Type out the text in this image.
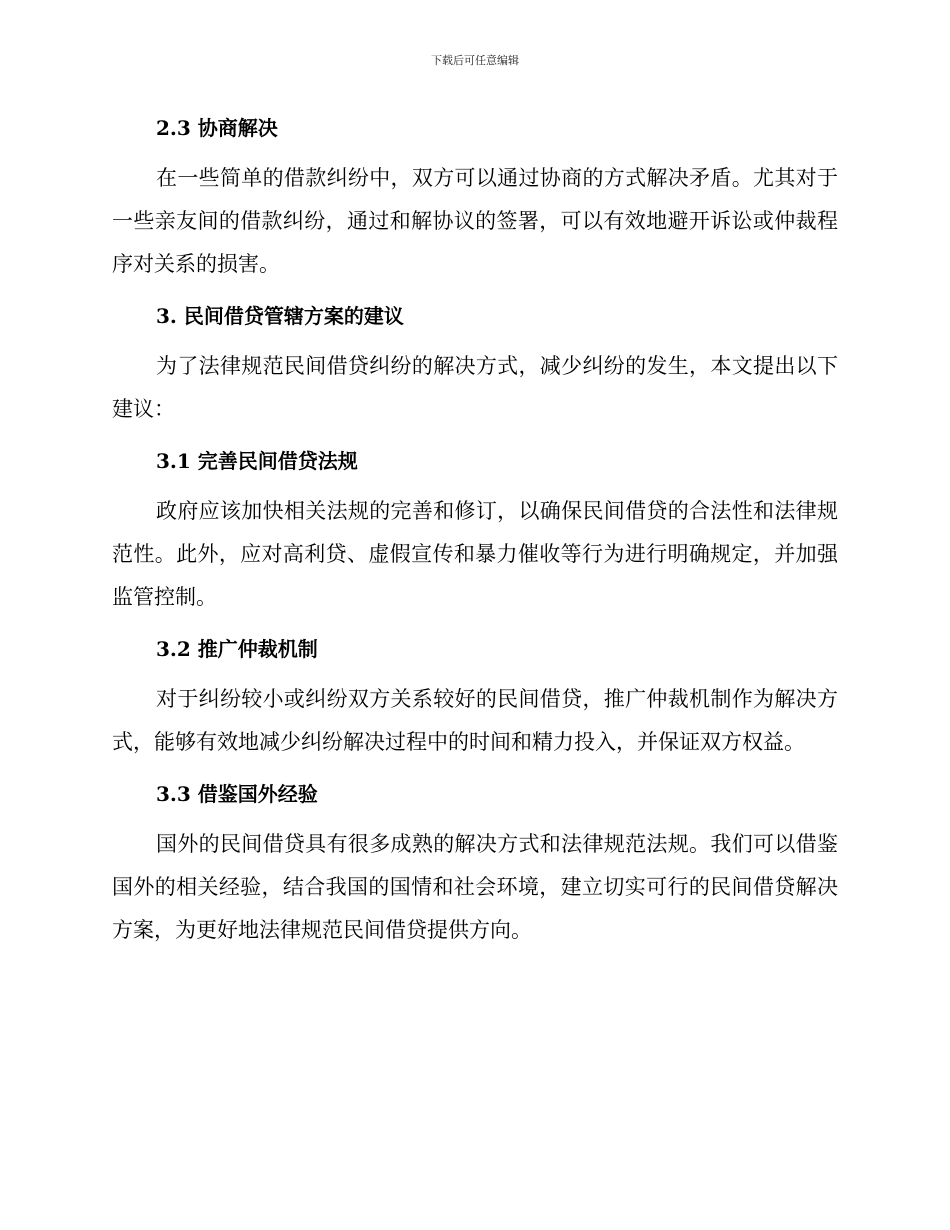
下载后可任意编辑
2.3 协商解决

在一些简单的借款纠纷中，双方可以通过协商的方式解决矛盾。尤其对于一些亲友间的借款纠纷，通过和解协议的签署，可以有效地避开诉讼或仲裁程序对关系的损害。

3. 民间借贷管辖方案的建议

为了法律规范民间借贷纠纷的解决方式，减少纠纷的发生，本文提出以下建议：

3.1 完善民间借贷法规

政府应该加快相关法规的完善和修订，以确保民间借贷的合法性和法律规范性。此外，应对高利贷、虚假宣传和暴力催收等行为进行明确规定，并加强监管控制。

3.2 推广仲裁机制

对于纠纷较小或纠纷双方关系较好的民间借贷，推广仲裁机制作为解决方式，能够有效地减少纠纷解决过程中的时间和精力投入，并保证双方权益。

3.3 借鉴国外经验

国外的民间借贷具有很多成熟的解决方式和法律规范法规。我们可以借鉴国外的相关经验，结合我国的国情和社会环境，建立切实可行的民间借贷解决方案，为更好地法律规范民间借贷提供方向。
